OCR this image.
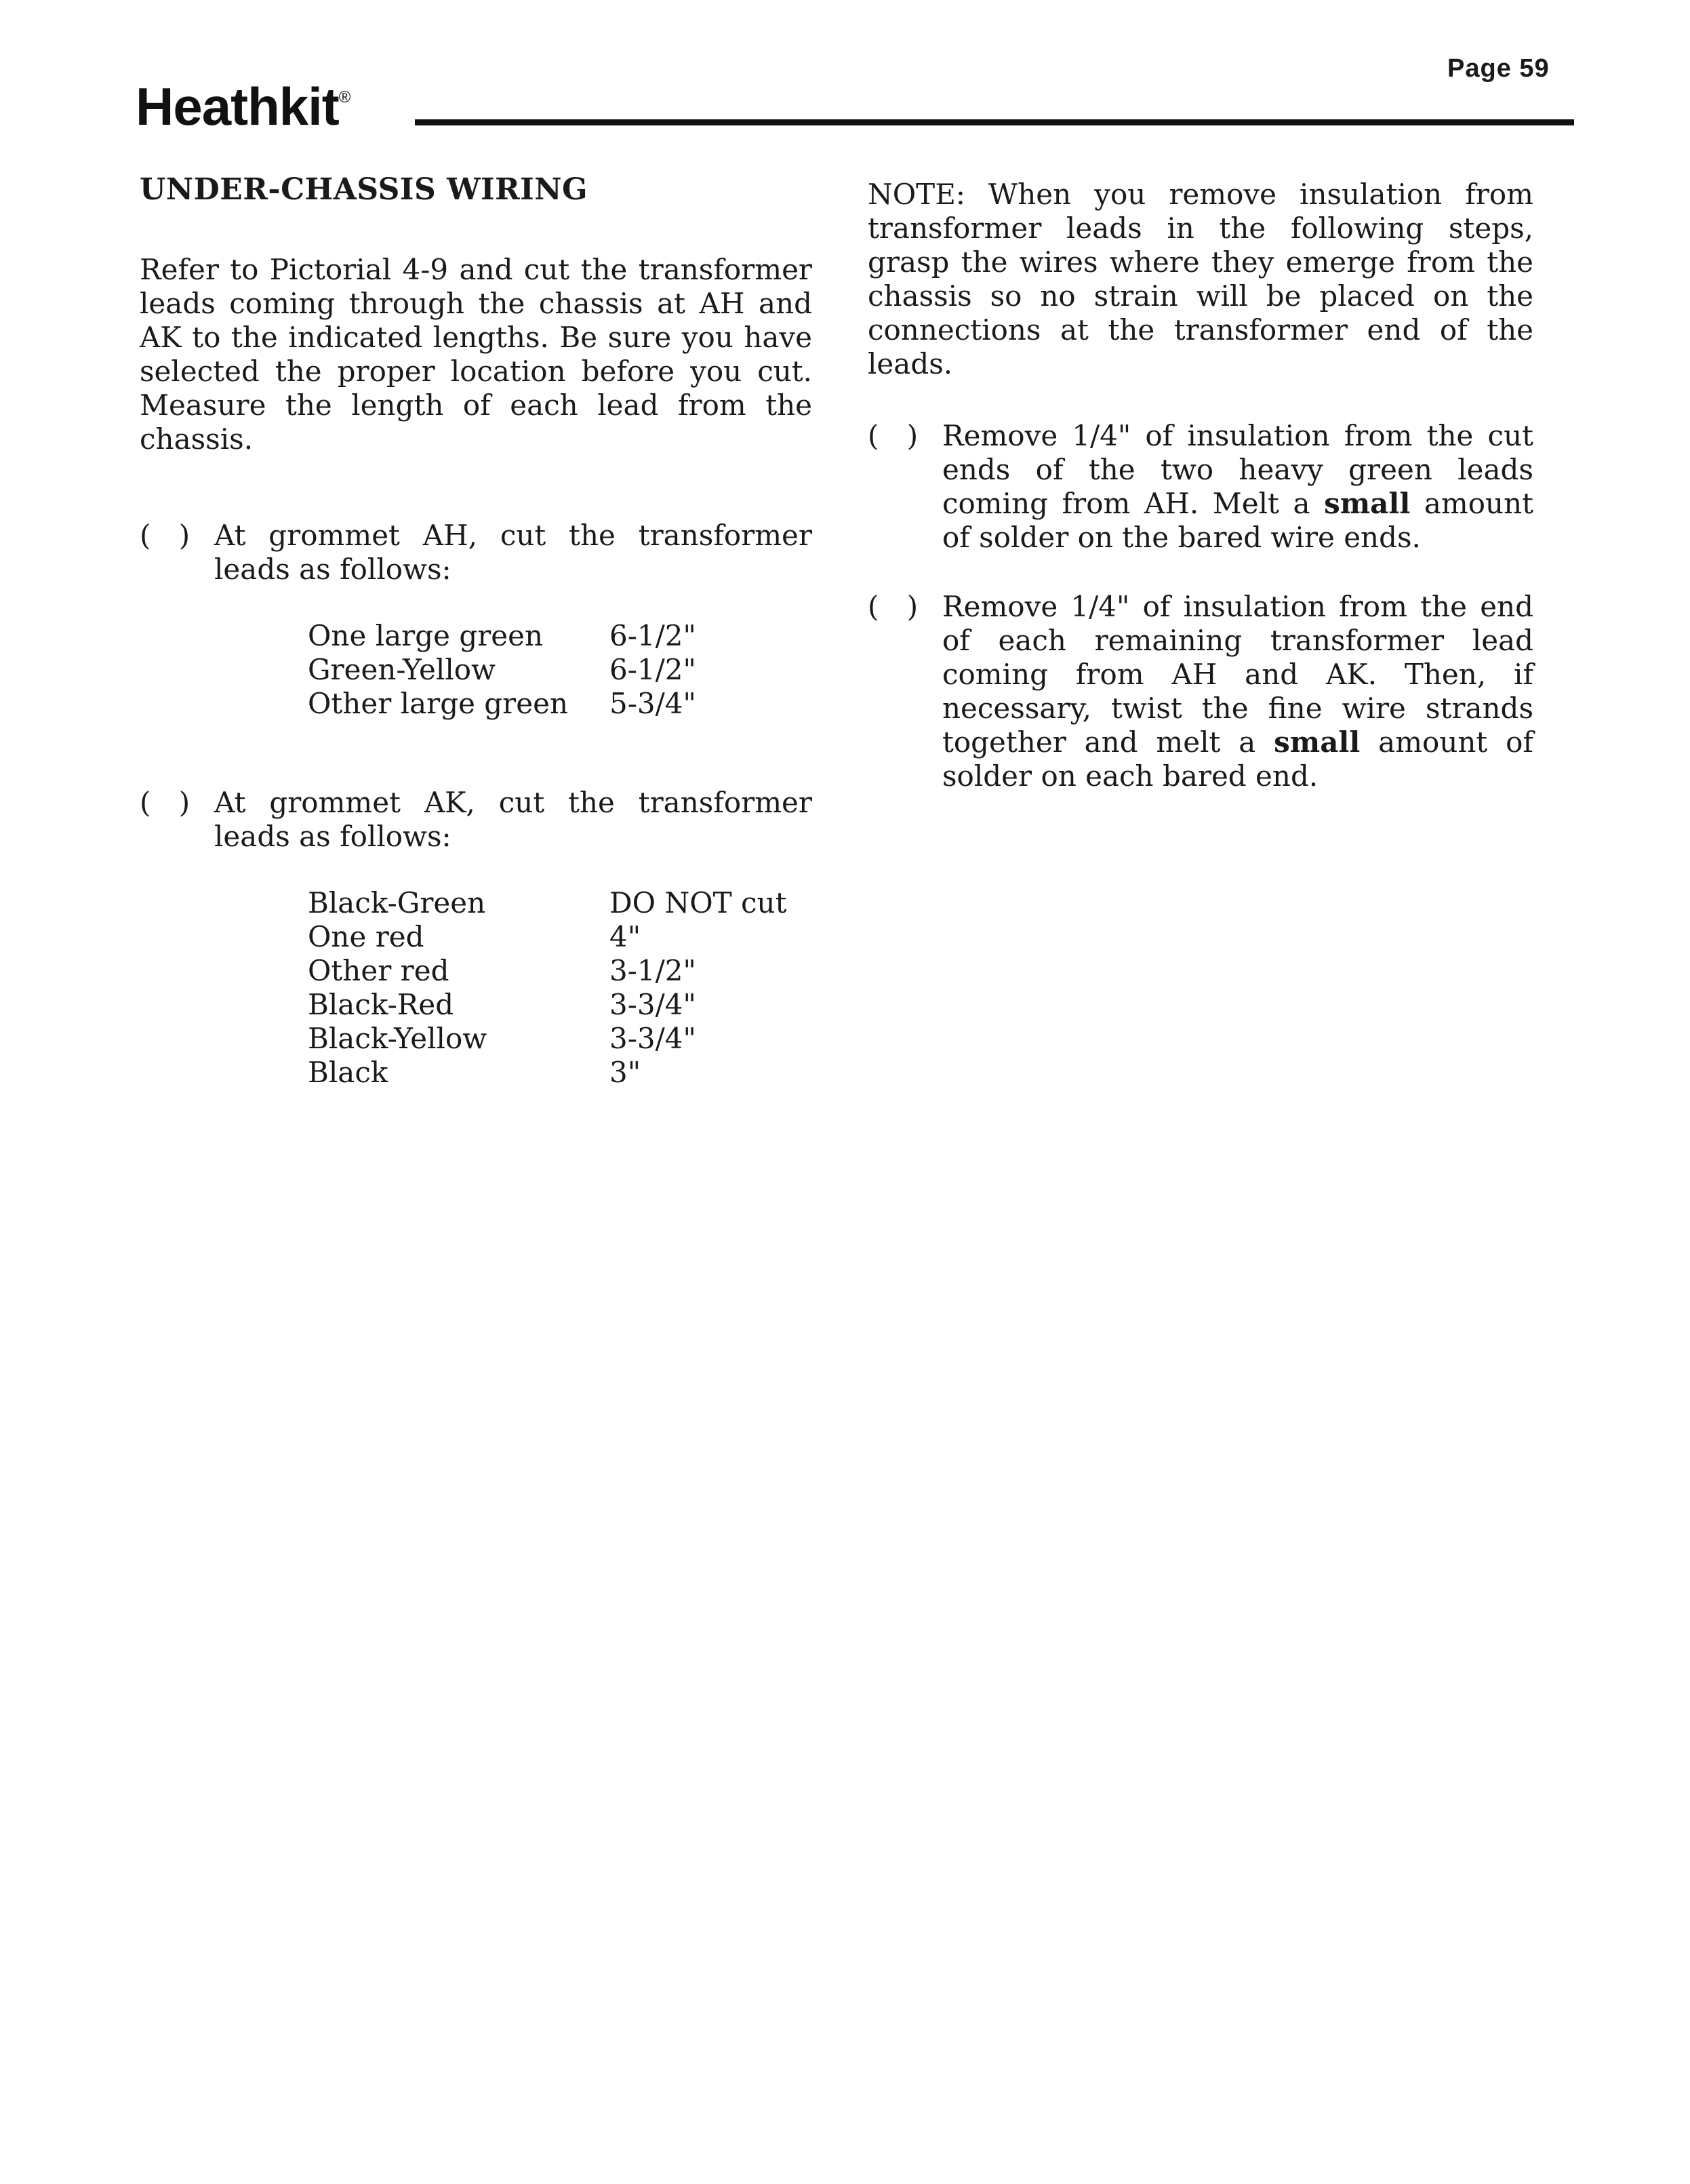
Page 59
Heathkit®
UNDER-CHASSIS WIRING

Refer to Pictorial 4-9 and cut the transformer leads coming through the chassis at AH and AK to the indicated lengths. Be sure you have selected the proper location before you cut. Measure the length of each lead from the chassis.

( ) At grommet AH, cut the transformer leads as follows:
One large green	6-1/2"
Green-Yellow	6-1/2"
Other large green	5-3/4"
( ) At grommet AK, cut the transformer leads as follows:
Black-Green	DO NOT cut
One red	4"
Other red	3-1/2"
Black-Red	3-3/4"
Black-Yellow	3-3/4"
Black	3"

NOTE: When you remove insulation from transformer leads in the following steps, grasp the wires where they emerge from the chassis so no strain will be placed on the connections at the transformer end of the leads.

( ) Remove 1/4" of insulation from the cut ends of the two heavy green leads coming from AH. Melt a small amount of solder on the bared wire ends.
( ) Remove 1/4" of insulation from the end of each remaining transformer lead coming from AH and AK. Then, if necessary, twist the fine wire strands together and melt a small amount of solder on each bared end.
